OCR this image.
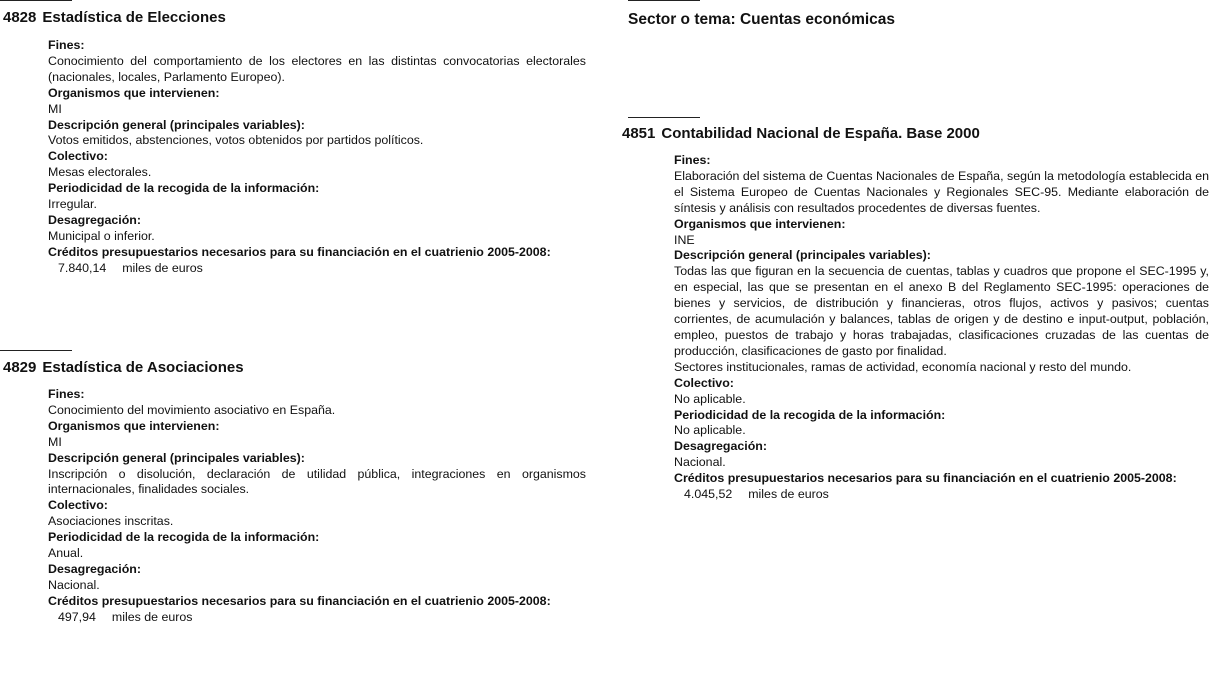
4828 Estadística de Elecciones
Fines:
Conocimiento del comportamiento de los electores en las distintas convocatorias electorales (nacionales, locales, Parlamento Europeo).
Organismos que intervienen:
MI
Descripción general (principales variables):
Votos emitidos, abstenciones, votos obtenidos por partidos políticos.
Colectivo:
Mesas electorales.
Periodicidad de la recogida de la información:
Irregular.
Desagregación:
Municipal o inferior.
Créditos presupuestarios necesarios para su financiación en el cuatrienio 2005-2008:
7.840,14 miles de euros
4829 Estadística de Asociaciones
Fines:
Conocimiento del movimiento asociativo en España.
Organismos que intervienen:
MI
Descripción general (principales variables):
Inscripción o disolución, declaración de utilidad pública, integraciones en organismos internacionales, finalidades sociales.
Colectivo:
Asociaciones inscritas.
Periodicidad de la recogida de la información:
Anual.
Desagregación:
Nacional.
Créditos presupuestarios necesarios para su financiación en el cuatrienio 2005-2008:
497,94 miles de euros
Sector o tema: Cuentas económicas
4851 Contabilidad Nacional de España. Base 2000
Fines:
Elaboración del sistema de Cuentas Nacionales de España, según la metodología establecida en el Sistema Europeo de Cuentas Nacionales y Regionales SEC-95. Mediante elaboración de síntesis y análisis con resultados procedentes de diversas fuentes.
Organismos que intervienen:
INE
Descripción general (principales variables):
Todas las que figuran en la secuencia de cuentas, tablas y cuadros que propone el SEC-1995 y, en especial, las que se presentan en el anexo B del Reglamento SEC-1995: operaciones de bienes y servicios, de distribución y financieras, otros flujos, activos y pasivos; cuentas corrientes, de acumulación y balances, tablas de origen y de destino e input-output, población, empleo, puestos de trabajo y horas trabajadas, clasificaciones cruzadas de las cuentas de producción, clasificaciones de gasto por finalidad.
Sectores institucionales, ramas de actividad, economía nacional y resto del mundo.
Colectivo:
No aplicable.
Periodicidad de la recogida de la información:
No aplicable.
Desagregación:
Nacional.
Créditos presupuestarios necesarios para su financiación en el cuatrienio 2005-2008:
4.045,52 miles de euros
